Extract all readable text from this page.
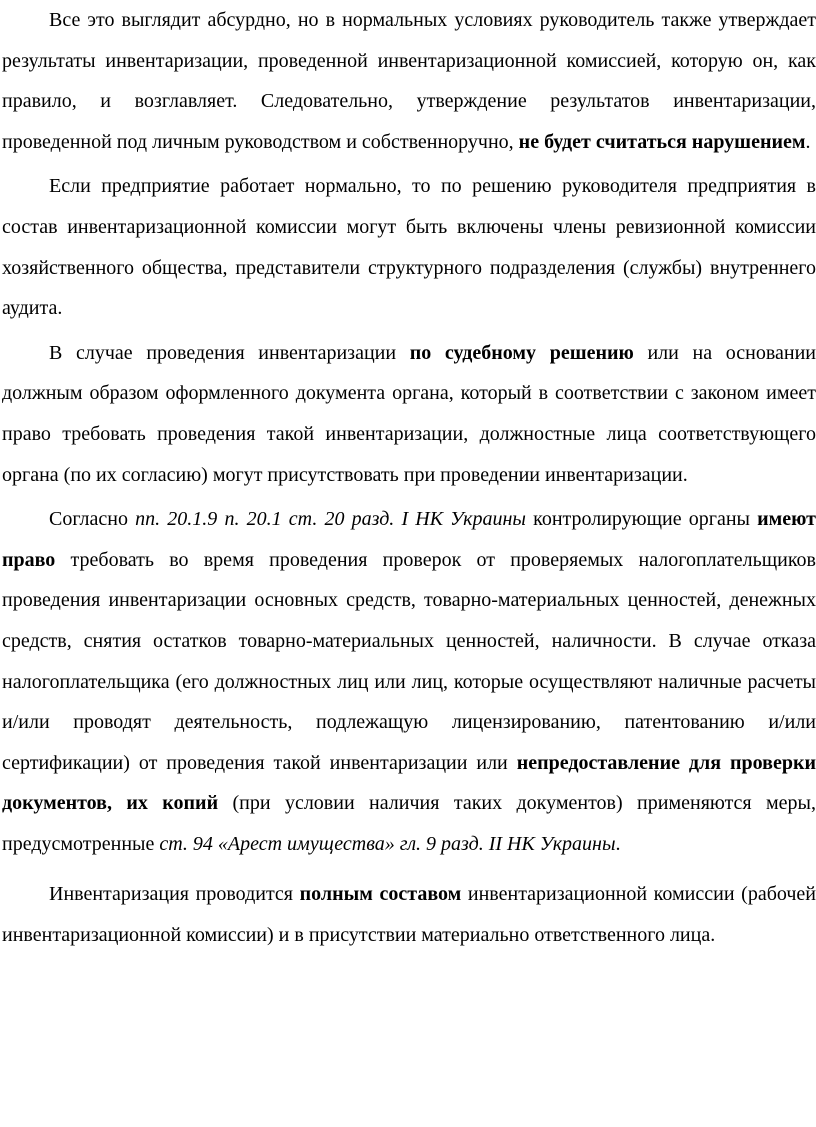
Все это выглядит абсурдно, но в нормальных условиях руководитель также утверждает результаты инвентаризации, проведенной инвентаризационной комиссией, которую он, как правило, и возглавляет. Следовательно, утверждение результатов инвентаризации, проведенной под личным руководством и собственноручно, не будет считаться нарушением.

Если предприятие работает нормально, то по решению руководителя предприятия в состав инвентаризационной комиссии могут быть включены члены ревизионной комиссии хозяйственного общества, представители структурного подразделения (службы) внутреннего аудита.

В случае проведения инвентаризации по судебному решению или на основании должным образом оформленного документа органа, который в соответствии с законом имеет право требовать проведения такой инвентаризации, должностные лица соответствующего органа (по их согласию) могут присутствовать при проведении инвентаризации.

Согласно пп. 20.1.9 п. 20.1 ст. 20 разд. I НК Украины контролирующие органы имеют право требовать во время проведения проверок от проверяемых налогоплательщиков проведения инвентаризации основных средств, товарно-материальных ценностей, денежных средств, снятия остатков товарно-материальных ценностей, наличности. В случае отказа налогоплательщика (его должностных лиц или лиц, которые осуществляют наличные расчеты и/или проводят деятельность, подлежащую лицензированию, патентованию и/или сертификации) от проведения такой инвентаризации или непредоставление для проверки документов, их копий (при условии наличия таких документов) применяются меры, предусмотренные ст. 94 «Арест имущества» гл. 9 разд. II НК Украины.

Инвентаризация проводится полным составом инвентаризационной комиссии (рабочей инвентаризационной комиссии) и в присутствии материально ответственного лица.
